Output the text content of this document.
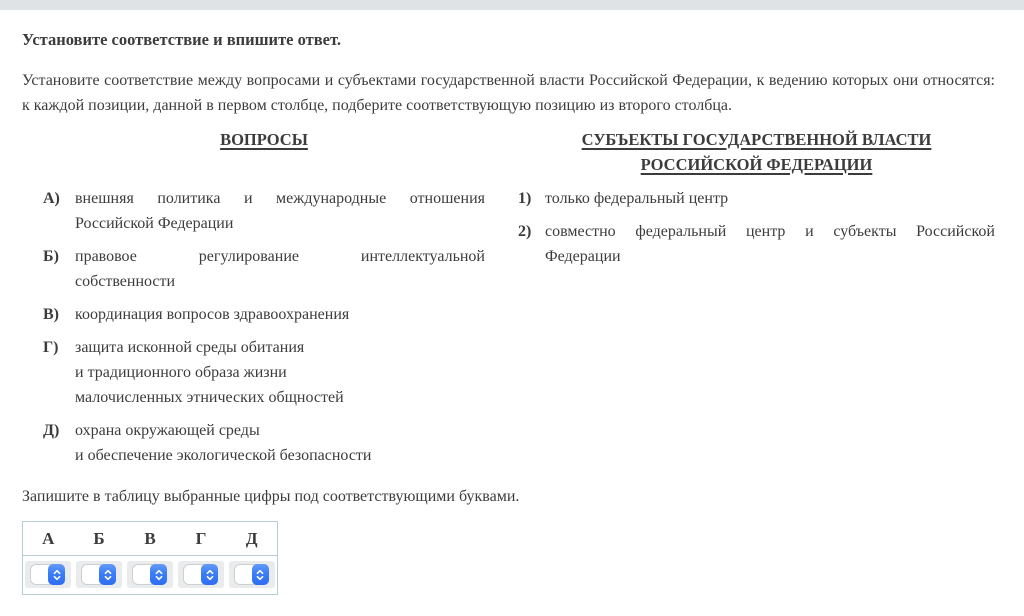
Установите соответствие и впишите ответ.

Установите соответствие между вопросами и субъектами государственной власти Российской Федерации, к ведению которых они относятся: к каждой позиции, данной в первом столбце, подберите соответствующую позицию из второго столбца.

ВОПРОСЫ	СУБЪЕКТЫ ГОСУДАРСТВЕННОЙ ВЛАСТИ
РОССИЙСКОЙ ФЕДЕРАЦИИ
А) внешняя политика и международные отношения
Российской Федерации
Б)	правовое регулирование интеллектуальной
собственности
В)	координация вопросов здравоохранения
Г)	защита исконной среды обитания
и традиционного образа жизни
малочисленных этнических общностей
Д) охрана окружающей среды
и обеспечение экологической безопасности
1) только федеральный центр
2) совместно федеральный центр и субъекты Российской
Федерации

Запишите в таблицу выбранные цифры под соответствующими буквами.

А	Б	В	Г	Д
